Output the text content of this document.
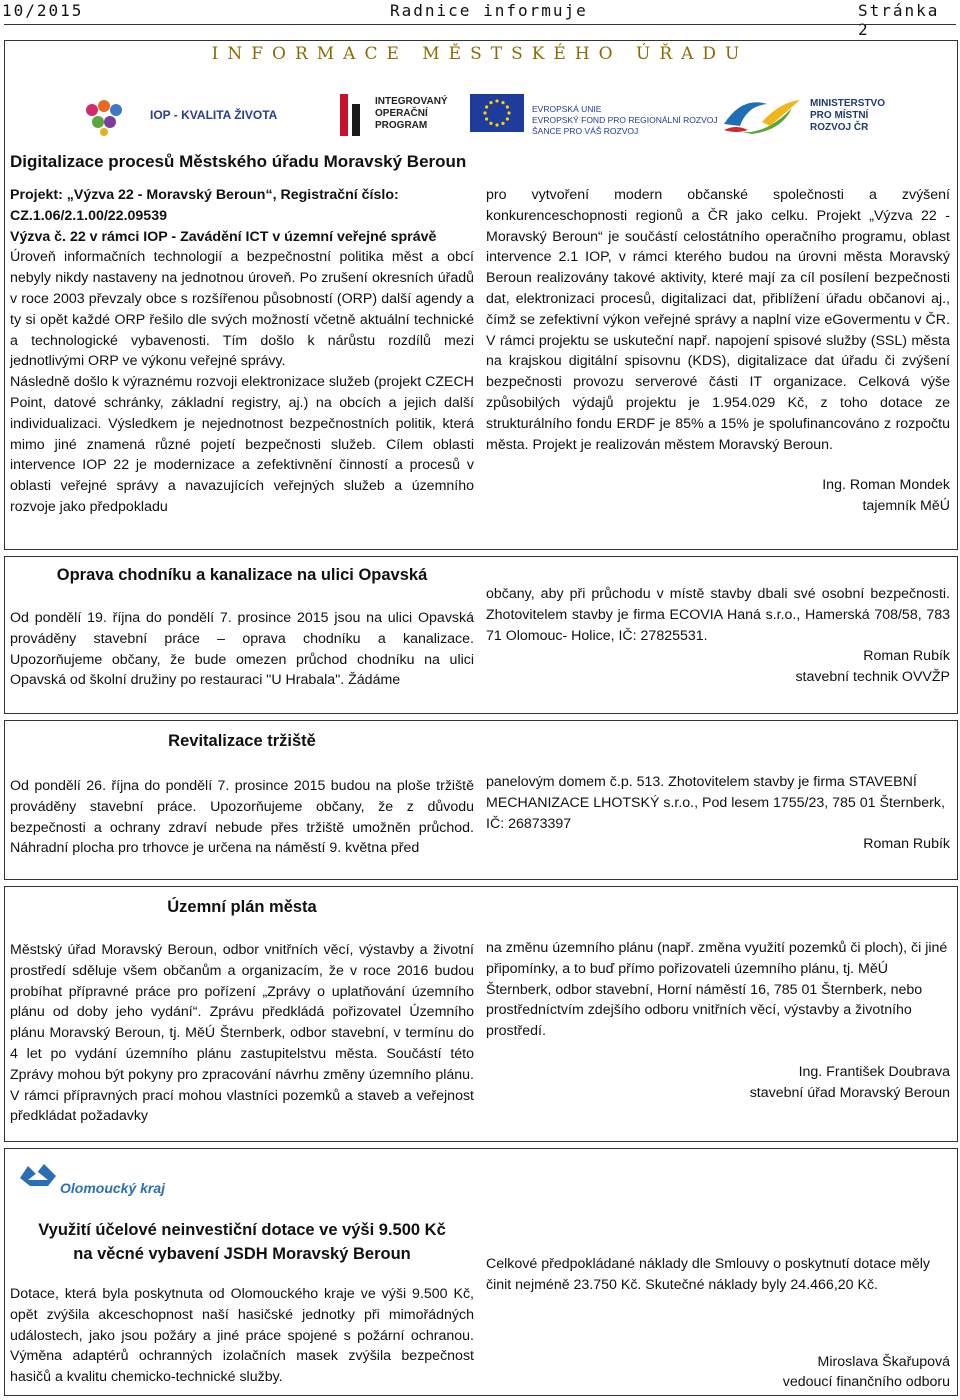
10/2015	Radnice informuje	Stránka 2
INFORMACE MĚSTSKÉHO ÚŘADU
IOP - KVALITA ŽIVOTA
INTEGROVANÝ
OPERAČNÍ
PROGRAM
EVROPSKÁ UNIE
EVROPSKÝ FOND PRO REGIONÁLNÍ ROZVOJ
ŠANCE PRO VÁŠ ROZVOJ
MINISTERSTVO
PRO MÍSTNÍ
ROZVOJ ČR
Digitalizace procesů Městského úřadu Moravský Beroun

Projekt: „Výzva 22 - Moravský Beroun“, Registrační číslo: CZ.1.06/2.1.00/22.09539

Výzva č. 22 v rámci IOP - Zavádění ICT v územní veřejné správě

Úroveň informačních technologií a bezpečnostní politika měst a obcí nebyly nikdy nastaveny na jednotnou úroveň. Po zrušení okresních úřadů v roce 2003 převzaly obce s rozšířenou působností (ORP) další agendy a ty si opět každé ORP řešilo dle svých možností včetně aktuální technické a technologické vybavenosti. Tím došlo k nárůstu rozdílů mezi jednotlivými ORP ve výkonu veřejné správy.

Následně došlo k výraznému rozvoji elektronizace služeb (projekt CZECH Point, datové schránky, základní registry, aj.) na obcích a jejich další individualizaci. Výsledkem je nejednotnost bezpečnostních politik, která mimo jiné znamená různé pojetí bezpečnosti služeb. Cílem oblasti intervence IOP 22 je modernizace a zefektivnění činností a procesů v oblasti veřejné správy a navazujících veřejných služeb a územního rozvoje jako předpokladu

pro vytvoření modern občanské společnosti a zvýšení konkurenceschopnosti regionů a ČR jako celku. Projekt „Výzva 22 - Moravský Beroun“ je součástí celostátního operačního programu, oblast intervence 2.1 IOP, v rámci kterého budou na úrovni města Moravský Beroun realizovány takové aktivity, které mají za cíl posílení bezpečnosti dat, elektronizaci procesů, digitalizaci dat, přiblížení úřadu občanovi aj., čímž se zefektivní výkon veřejné správy a naplní vize eGovermentu v ČR. V rámci projektu se uskuteční např. napojení spisové služby (SSL) města na krajskou digitální spisovnu (KDS), digitalizace dat úřadu či zvýšení bezpečnosti provozu serverové části IT organizace. Celková výše způsobilých výdajů projektu je 1.954.029 Kč, z toho dotace ze strukturálního fondu ERDF je 85% a 15% je spolufinancováno z rozpočtu města. Projekt je realizován městem Moravský Beroun.

Ing. Roman Mondek

tajemník MěÚ

Oprava chodníku a kanalizace na ulici Opavská

Od pondělí 19. října do pondělí 7. prosince 2015 jsou na ulici Opavská prováděny stavební práce – oprava chodníku a kanalizace. Upozorňujeme občany, že bude omezen průchod chodníku na ulici Opavská od školní družiny po restauraci "U Hrabala". Žádáme

občany, aby při průchodu v místě stavby dbali své osobní bezpečnosti. Zhotovitelem stavby je firma ECOVIA Haná s.r.o., Hamerská 708/58, 783 71 Olomouc- Holice, IČ: 27825531.

Roman Rubík

stavební technik OVVŽP

Revitalizace tržiště

Od pondělí 26. října do pondělí 7. prosince 2015 budou na ploše tržiště prováděny stavební práce. Upozorňujeme občany, že z důvodu bezpečnosti a ochrany zdraví nebude přes tržiště umožněn průchod. Náhradní plocha pro trhovce je určena na náměstí 9. května před

panelovým domem č.p. 513. Zhotovitelem stavby je firma STAVEBNÍ MECHANIZACE LHOTSKÝ s.r.o., Pod lesem 1755/23, 785 01 Šternberk, IČ: 26873397

Roman Rubík

Územní plán města

Městský úřad Moravský Beroun, odbor vnitřních věcí, výstavby a životní prostředí sděluje všem občanům a organizacím, že v roce 2016 budou probíhat přípravné práce pro pořízení „Zprávy o uplatňování územního plánu od doby jeho vydání“. Zprávu předkládá pořizovatel Územního plánu Moravský Beroun, tj. MěÚ Šternberk, odbor stavební, v termínu do 4 let po vydání územního plánu zastupitelstvu města. Součástí této Zprávy mohou být pokyny pro zpracování návrhu změny územního plánu. V rámci přípravných prací mohou vlastníci pozemků a staveb a veřejnost předkládat požadavky

na změnu územního plánu (např. změna využití pozemků či ploch), či jiné připomínky, a to buď přímo pořizovateli územního plánu, tj. MěÚ Šternberk, odbor stavební, Horní náměstí 16, 785 01 Šternberk, nebo prostředníctvím zdejšího odboru vnitřních věcí, výstavby a životního prostředí.

Ing. František Doubrava

stavební úřad Moravský Beroun

Olomoucký kraj
Využití účelové neinvestiční dotace ve výši 9.500 Kč
na věcné vybavení JSDH Moravský Beroun

Dotace, která byla poskytnuta od Olomouckého kraje ve výši 9.500 Kč, opět zvýšila akceschopnost naší hasičské jednotky při mimořádných událostech, jako jsou požáry a jiné práce spojené s požární ochranou. Výměna adaptérů ochranných izolačních masek zvýšila bezpečnost hasičů a kvalitu chemicko-technické služby.

Celkové předpokládané náklady dle Smlouvy o poskytnutí dotace měly činit nejméně 23.750 Kč. Skutečné náklady byly 24.466,20 Kč.

Miroslava Škařupová

vedoucí finančního odboru
